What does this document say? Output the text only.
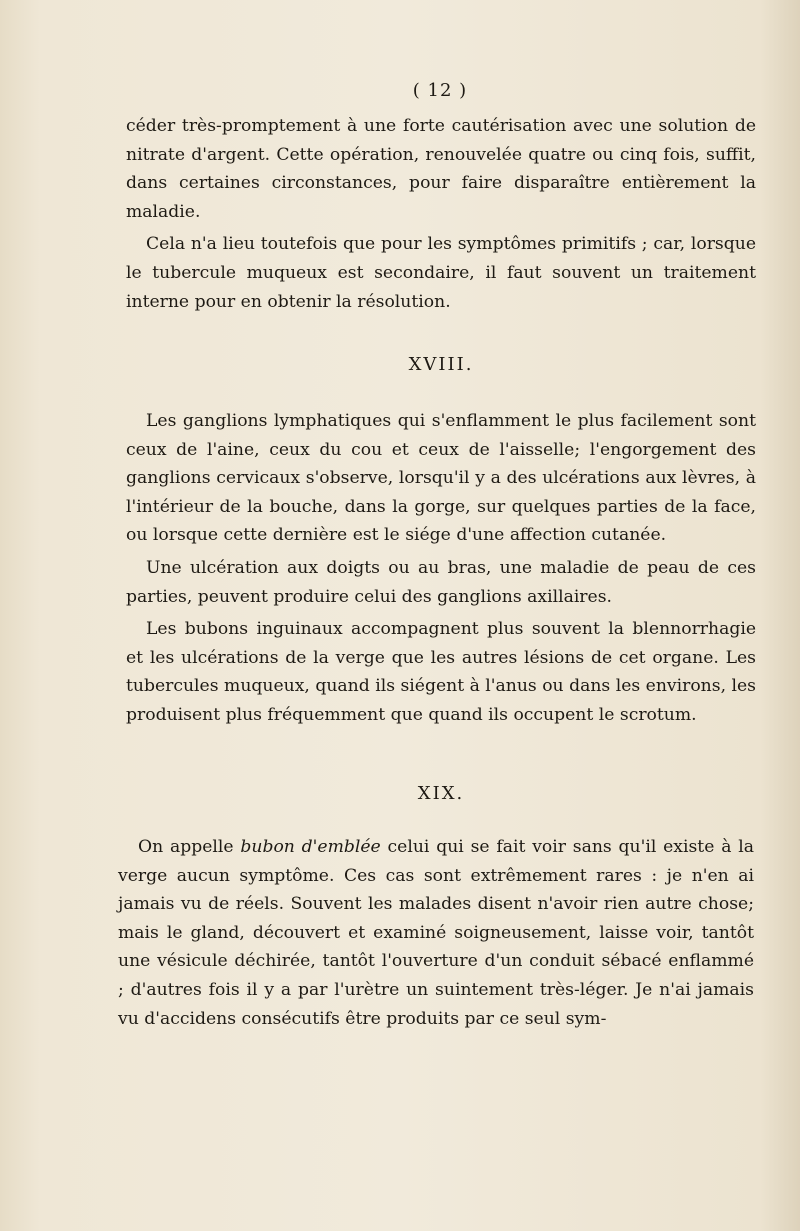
( 12 )

céder très-promptement à une forte cautérisation avec une solution de nitrate d'argent. Cette opération, renouvelée quatre ou cinq fois, suffit, dans certaines circonstances, pour faire disparaître entièrement la maladie.

Cela n'a lieu toutefois que pour les symptômes primitifs ; car, lorsque le tubercule muqueux est secondaire, il faut souvent un traitement interne pour en obtenir la résolution.

XVIII.

Les ganglions lymphatiques qui s'enflamment le plus facilement sont ceux de l'aine, ceux du cou et ceux de l'aisselle; l'engorgement des ganglions cervicaux s'observe, lorsqu'il y a des ulcérations aux lèvres, à l'intérieur de la bouche, dans la gorge, sur quelques parties de la face, ou lorsque cette dernière est le siége d'une affection cutanée.

Une ulcération aux doigts ou au bras, une maladie de peau de ces parties, peuvent produire celui des ganglions axillaires.

Les bubons inguinaux accompagnent plus souvent la blennorrhagie et les ulcérations de la verge que les autres lésions de cet organe. Les tubercules muqueux, quand ils siégent à l'anus ou dans les environs, les produisent plus fréquemment que quand ils occupent le scrotum.

XIX.

On appelle bubon d'emblée celui qui se fait voir sans qu'il existe à la verge aucun symptôme. Ces cas sont extrêmement rares : je n'en ai jamais vu de réels. Souvent les malades disent n'avoir rien autre chose; mais le gland, découvert et examiné soigneusement, laisse voir, tantôt une vésicule déchirée, tantôt l'ouverture d'un conduit sébacé enflammé ; d'autres fois il y a par l'urètre un suintement très-léger. Je n'ai jamais vu d'accidens consécutifs être produits par ce seul sym-
